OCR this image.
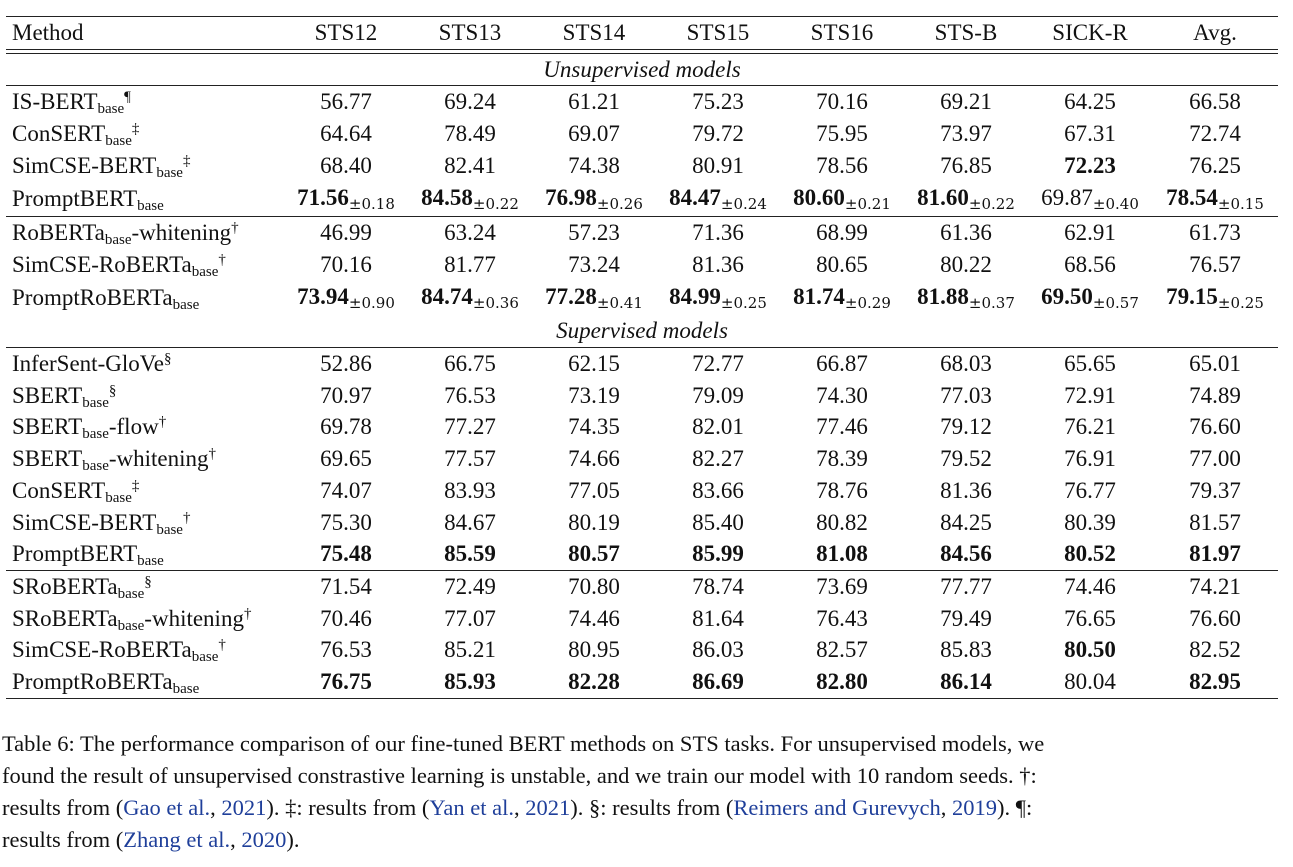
Method	STS12	STS13	STS14	STS15	STS16	STS-B	SICK-R	Avg.

Unsupervised models								
$IS-BERT_{base}^\P$	56.77	69.24	61.21	75.23	70.16	69.21	64.25	66.58
ConSERT$_{base}$‡	64.64	78.49	69.07	79.72	75.95	73.97	67.31	72.74
SimCSE-$BERT_{base}^\ddagger$	68.40	82.41	74.38	80.91	78.56	76.85	72.23	76.25
PromptBERT$_{base}$	71.56±0.18	84.58±0.22	76.98±0.26	84.47±0.24	80.60±0.21	81.60±0.22	69.87±0.40	78.54±0.15
RoBERTa$_{base}$-whitening†	46.99	63.24	57.23	71.36	68.99	61.36	62.91	61.73
SimCSE-RoBERTa$_{base}$†	70.16	81.77	73.24	81.36	80.65	80.22	68.56	76.57
PromptRoBERTa$_{base}$	73.94±0.90	84.74±0.36	77.28±0.41	84.99±0.25	81.74±0.29	81.88±0.37	69.50±0.57	79.15±0.25
Supervised models								
InferSent-GloVe§	52.86	66.75	62.15	72.77	66.87	68.03	65.65	65.01
$SBERT_{base}^\S$	70.97	76.53	73.19	79.09	74.30	77.03	72.91	74.89
$SBERT_{base}-flow^\dagger$	69.78	77.27	74.35	82.01	77.46	79.12	76.21	76.60
$SBERT_{base}-whitening^\dagger$	69.65	77.57	74.66	82.27	78.39	79.52	76.91	77.00
ConSERT$_{base}$‡	74.07	83.93	77.05	83.66	78.76	81.36	76.77	79.37
SimCSE-$BERT_{base}^\dagger$	75.30	84.67	80.19	85.40	80.82	84.25	80.39	81.57
PromptBERT$_{base}$	75.48	85.59	80.57	85.99	81.08	84.56	80.52	81.97
SRoBERTa$_{base}$§	71.54	72.49	70.80	78.74	73.69	77.77	74.46	74.21
SRoBERTa$_{base}$-whitening†	70.46	77.07	74.46	81.64	76.43	79.49	76.65	76.60
SimCSE-RoBERTa$_{base}$†	76.53	85.21	80.95	86.03	82.57	85.83	80.50	82.52
PromptRoBERTa$_{base}$	76.75	85.93	82.28	86.69	82.80	86.14	80.04	82.95
Table 6: The performance comparison of our fine-tuned BERT methods on STS tasks. For unsupervised models, we
found the result of unsupervised constrastive learning is unstable, and we train our model with 10 random seeds. †:
results from (Gao et al., 2021). ‡: results from (Yan et al., 2021). §: results from (Reimers and Gurevych, 2019). ¶:
results from (Zhang et al., 2020).
